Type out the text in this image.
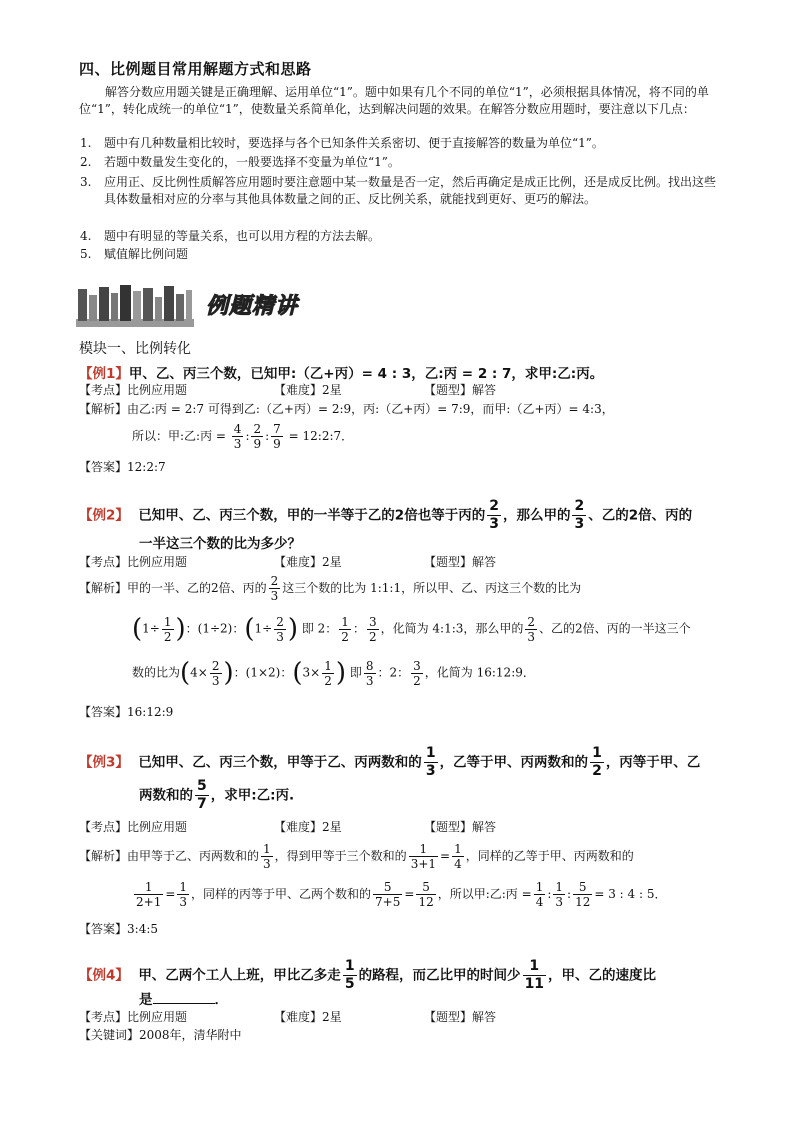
四、比例题目常用解题方式和思路
解答分数应用题关键是正确理解、运用单位“1”。题中如果有几个不同的单位“1”，必须根据具体情况，将不同的单位“1”，转化成统一的单位“1”，使数量关系简单化，达到解决问题的效果。在解答分数应用题时，要注意以下几点：
1. 题中有几种数量相比较时，要选择与各个已知条件关系密切、便于直接解答的数量为单位“1”。
2. 若题中数量发生变化的，一般要选择不变量为单位“1”。
3. 应用正、反比例性质解答应用题时要注意题中某一数量是否一定，然后再确定是成正比例，还是成反比例。找出这些具体数量相对应的分率与其他具体数量之间的正、反比例关系，就能找到更好、更巧的解法。
4. 题中有明显的等量关系，也可以用方程的方法去解。
5. 赋值解比例问题
例题精讲
模块一、比例转化
【例1】甲、乙、丙三个数，已知甲:（乙+丙）= 4 : 3，乙:丙 = 2 : 7，求甲:乙:丙。
【考点】比例应用题	【难度】2星	【题型】解答
【解析】由乙:丙 = 2:7 可得到乙:（乙+丙）= 2:9，丙:（乙+丙）= 7:9，而甲:（乙+丙）= 4:3，
所以：甲:乙:丙 = $\frac{4}{3}$ : $\frac{2}{9}$ : $\frac{7}{9}$ = 12:2:7．
【答案】12:2:7
【例2】 已知甲、乙、丙三个数，甲的一半等于乙的2倍也等于丙的 $\frac{2}{3}$ ，那么甲的 $\frac{2}{3}$ 、乙的2倍、丙的
一半这三个数的比为多少？
【考点】比例应用题	【难度】2星	【题型】解答
【解析】甲的一半、乙的2倍、丙的 $\frac{2}{3}$ 这三个数的比为 1:1:1，所以甲、乙、丙这三个数的比为
($1\div \frac{1}{2}$ )：(1÷2)：($1\div \frac{2}{3}$ ) 即 2： $\frac{1}{2}$ ： $\frac{3}{2}$ ，化简为 4:1:3，那么甲的 $\frac{2}{3}$ 、乙的2倍、丙的一半这三个
数的比为($4\times \frac{2}{3}$ )：(1×2)：($3\times \frac{1}{2}$ ) 即 $\frac{8}{3}$ ：2： $\frac{3}{2}$ ，化简为 16:12:9．
【答案】16:12:9
【例3】 已知甲、乙、丙三个数，甲等于乙、丙两数和的 $\frac{1}{3}$ ，乙等于甲、丙两数和的 $\frac{1}{2}$ ，丙等于甲、乙
两数和的 $\frac{5}{7}$ ，求甲:乙:丙.
【考点】比例应用题	【难度】2星	【题型】解答
【解析】由甲等于乙、丙两数和的 $\frac{1}{3}$ ，得到甲等于三个数和的 $\frac{1}{3+1} = \frac{1}{4}$ ，同样的乙等于甲、丙两数和的
$\frac{1}{2+1} = \frac{1}{3}$ ，同样的丙等于甲、乙两个数和的 $\frac{5}{7+5} = \frac{5}{12}$ ，所以甲:乙:丙 = $\frac{1}{4}$ : $\frac{1}{3}$ : $\frac{5}{12} = 3$ : 4 : 5．
【答案】3:4:5
【例4】 甲、乙两个工人上班，甲比乙多走 $\frac{1}{5}$ 的路程，而乙比甲的时间少 $\frac{1}{11}$ ，甲、乙的速度比
是	．
【考点】比例应用题	【难度】2星	【题型】解答
【关键词】2008年，清华附中
